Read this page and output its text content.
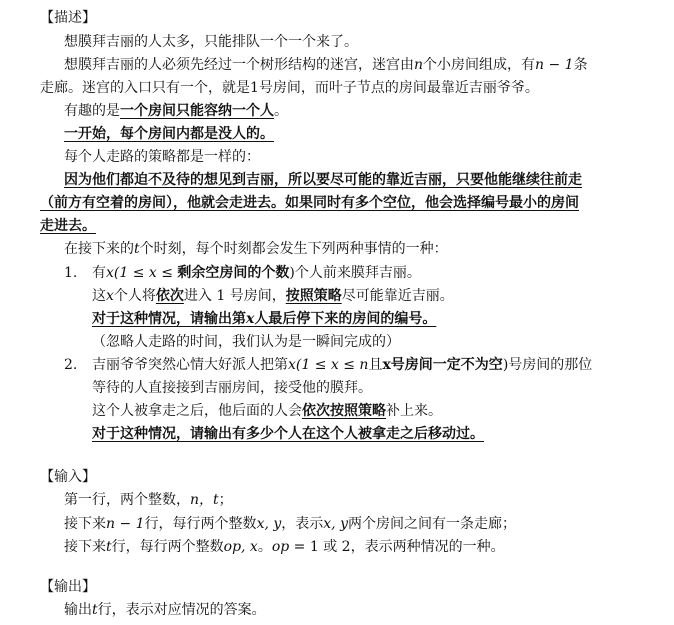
【描述】
想膜拜吉丽的人太多，只能排队一个一个来了。
想膜拜吉丽的人必须先经过一个树形结构的迷宫，迷宫由n个小房间组成，有n − 1条
走廊。迷宫的入口只有一个，就是1号房间，而叶子节点的房间最靠近吉丽爷爷。
有趣的是一个房间只能容纳一个人。
一开始，每个房间内都是没人的。
每个人走路的策略都是一样的：
因为他们都迫不及待的想见到吉丽，所以要尽可能的靠近吉丽，只要他能继续往前走
（前方有空着的房间），他就会走进去。如果同时有多个空位，他会选择编号最小的房间
走进去。
在接下来的t个时刻，每个时刻都会发生下列两种事情的一种：
1. 有x(1 ≤ x ≤ 剩余空房间的个数)个人前来膜拜吉丽。
这x个人将依次进入 1 号房间，按照策略尽可能靠近吉丽。
对于这种情况，请输出第x人最后停下来的房间的编号。
（忽略人走路的时间，我们认为是一瞬间完成的）
2. 吉丽爷爷突然心情大好派人把第x(1 ≤ x ≤ n且x号房间一定不为空)号房间的那位
等待的人直接接到吉丽房间，接受他的膜拜。
这个人被拿走之后，他后面的人会依次按照策略补上来。
对于这种情况，请输出有多少个人在这个人被拿走之后移动过。
【输入】
第一行，两个整数，n，t；
接下来n − 1行，每行两个整数x, y，表示x, y两个房间之间有一条走廊；
接下来t行，每行两个整数op, x。op = 1 或 2，表示两种情况的一种。
【输出】
输出t行，表示对应情况的答案。
